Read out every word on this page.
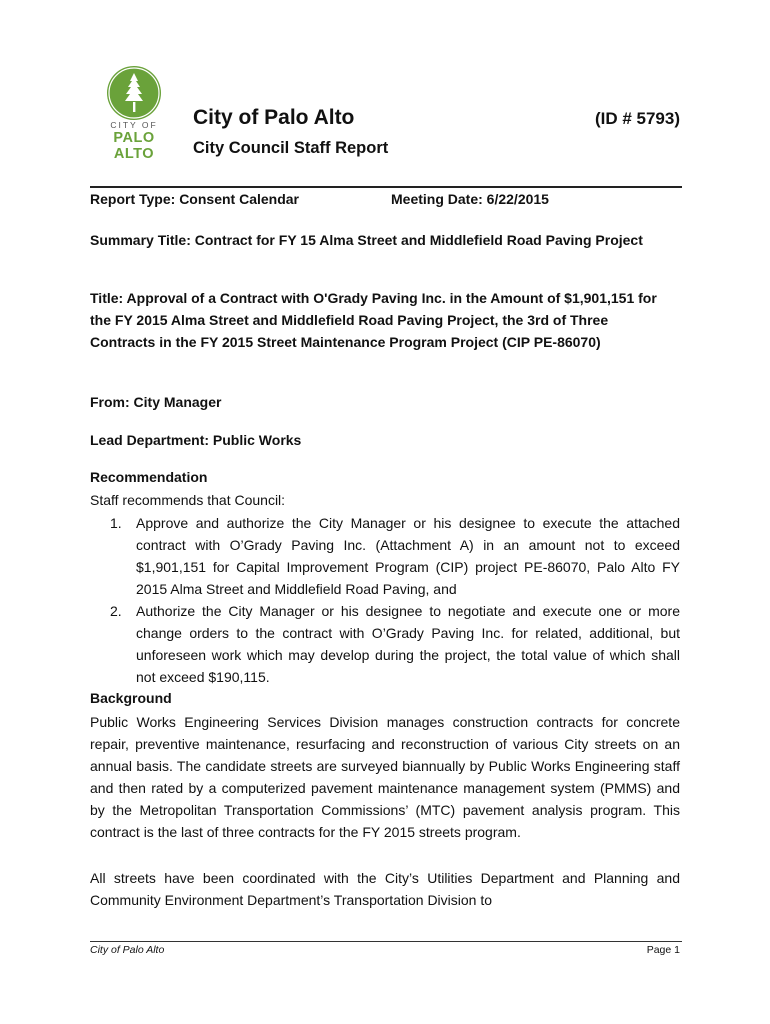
CITY OF
PALO
ALTO
City of Palo Alto	(ID # 5793)
City Council Staff Report
Report Type: Consent Calendar	Meeting Date: 6/22/2015
Summary Title: Contract for FY 15 Alma Street and Middlefield Road Paving Project
Title: Approval of a Contract with O'Grady Paving Inc. in the Amount of $1,901,151 for the FY 2015 Alma Street and Middlefield Road Paving Project, the 3rd of Three Contracts in the FY 2015 Street Maintenance Program Project (CIP PE-86070)
From: City Manager
Lead Department: Public Works
Recommendation
Staff recommends that Council:
1. Approve and authorize the City Manager or his designee to execute the attached contract with O’Grady Paving Inc. (Attachment A) in an amount not to exceed $1,901,151 for Capital Improvement Program (CIP) project PE-86070, Palo Alto FY 2015 Alma Street and Middlefield Road Paving, and
2. Authorize the City Manager or his designee to negotiate and execute one or more change orders to the contract with O’Grady Paving Inc. for related, additional, but unforeseen work which may develop during the project, the total value of which shall not exceed $190,115.
Background
Public Works Engineering Services Division manages construction contracts for concrete repair, preventive maintenance, resurfacing and reconstruction of various City streets on an annual basis. The candidate streets are surveyed biannually by Public Works Engineering staff and then rated by a computerized pavement maintenance management system (PMMS) and by the Metropolitan Transportation Commissions’ (MTC) pavement analysis program. This contract is the last of three contracts for the FY 2015 streets program.
All streets have been coordinated with the City’s Utilities Department and Planning and Community Environment Department’s Transportation Division to
City of Palo Alto	Page 1
